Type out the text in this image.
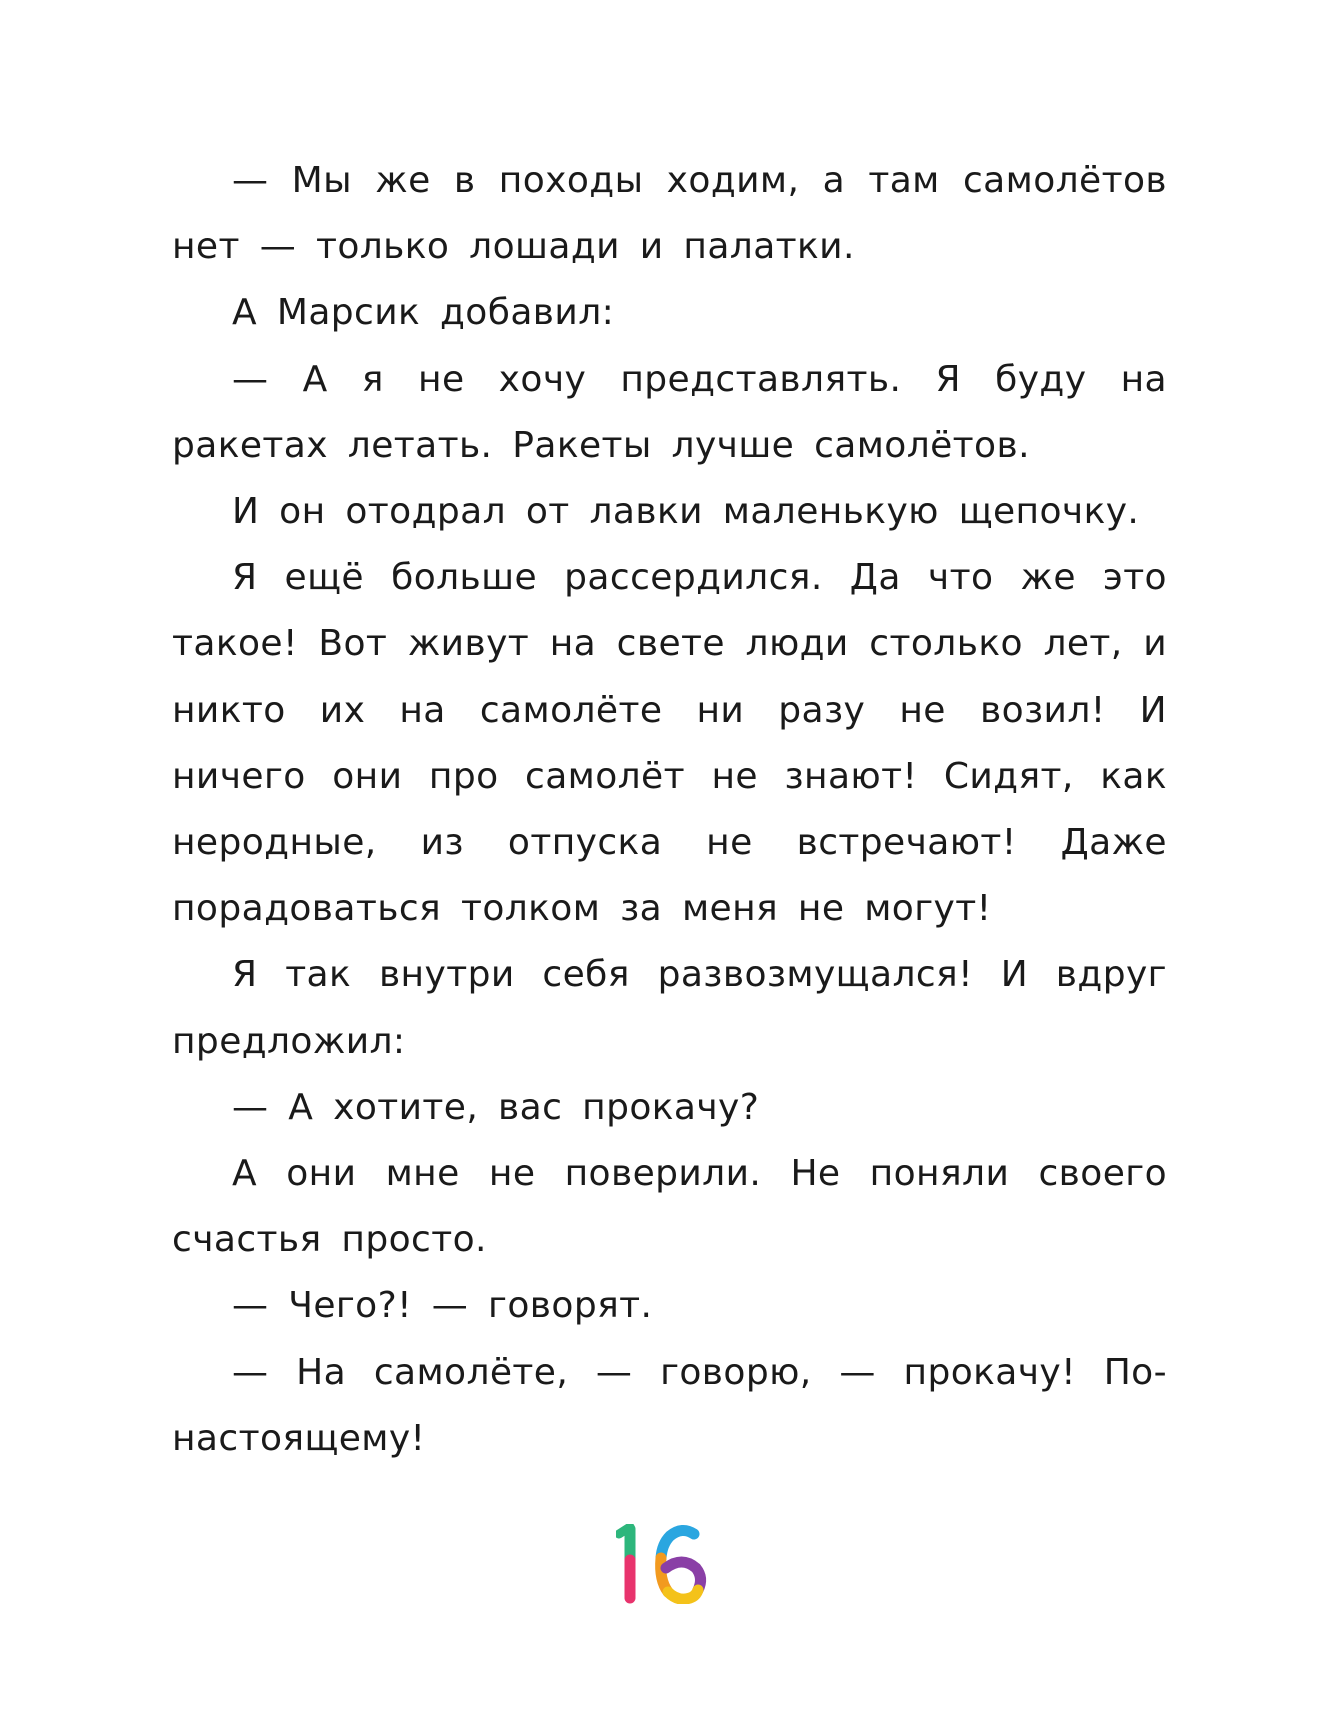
— Мы же в походы ходим, а там самолётов нет — только лошади и палатки.

А Марсик добавил:

— А я не хочу представлять. Я буду на ракетах летать. Ракеты лучше самолётов.

И он отодрал от лавки маленькую щепочку.

Я ещё больше рассердился. Да что же это такое! Вот живут на свете люди столько лет, и никто их на самолёте ни разу не возил! И ничего они про самолёт не знают! Сидят, как неродные, из отпуска не встречают! Даже порадоваться толком за меня не могут!

Я так внутри себя развозмущался! И вдруг предложил:

— А хотите, вас прокачу?

А они мне не поверили. Не поняли своего счастья просто.

— Чего?! — говорят.

— На самолёте, — говорю, — прокачу! По-настоящему!
